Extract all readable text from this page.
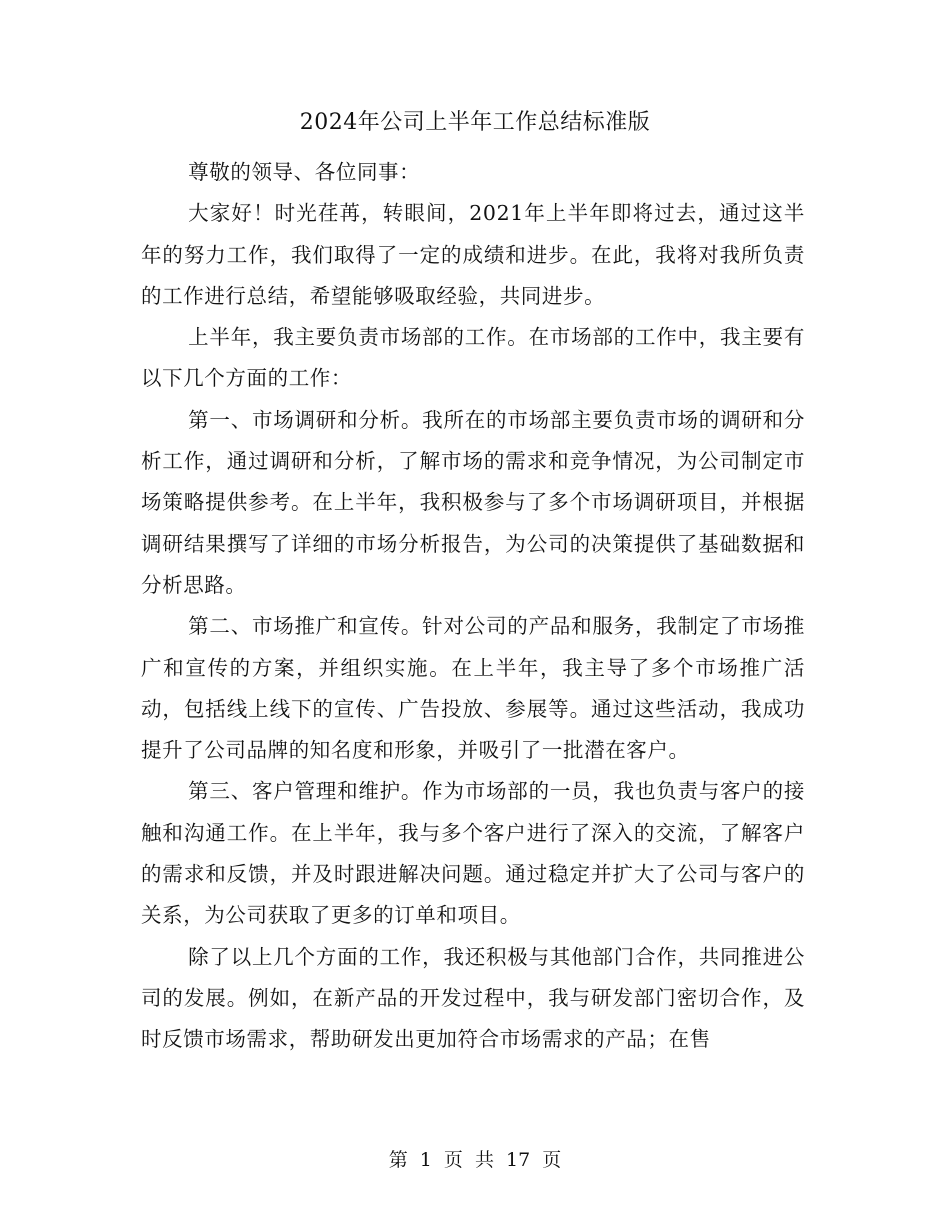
2024年公司上半年工作总结标准版

尊敬的领导、各位同事：

大家好！时光荏苒，转眼间，2021年上半年即将过去，通过这半年的努力工作，我们取得了一定的成绩和进步。在此，我将对我所负责的工作进行总结，希望能够吸取经验，共同进步。

上半年，我主要负责市场部的工作。在市场部的工作中，我主要有以下几个方面的工作：

第一、市场调研和分析。我所在的市场部主要负责市场的调研和分析工作，通过调研和分析，了解市场的需求和竞争情况，为公司制定市场策略提供参考。在上半年，我积极参与了多个市场调研项目，并根据调研结果撰写了详细的市场分析报告，为公司的决策提供了基础数据和分析思路。

第二、市场推广和宣传。针对公司的产品和服务，我制定了市场推广和宣传的方案，并组织实施。在上半年，我主导了多个市场推广活动，包括线上线下的宣传、广告投放、参展等。通过这些活动，我成功提升了公司品牌的知名度和形象，并吸引了一批潜在客户。

第三、客户管理和维护。作为市场部的一员，我也负责与客户的接触和沟通工作。在上半年，我与多个客户进行了深入的交流，了解客户的需求和反馈，并及时跟进解决问题。通过稳定并扩大了公司与客户的关系，为公司获取了更多的订单和项目。

除了以上几个方面的工作，我还积极与其他部门合作，共同推进公司的发展。例如，在新产品的开发过程中，我与研发部门密切合作，及时反馈市场需求，帮助研发出更加符合市场需求的产品；在售

第 1 页 共 17 页
